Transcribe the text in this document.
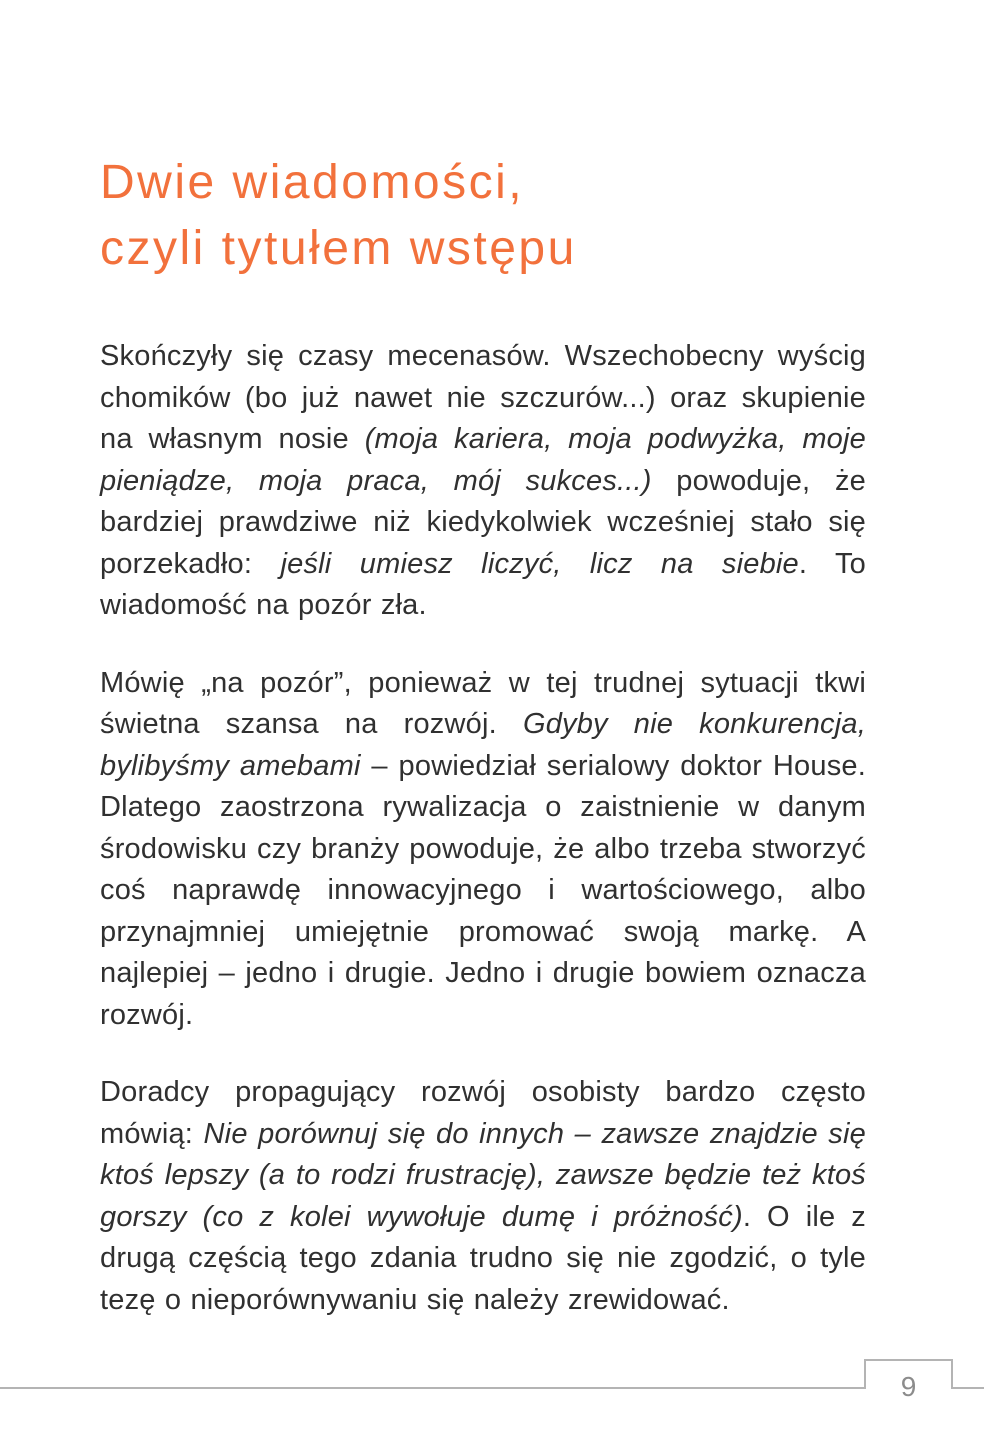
Dwie wiadomości,
czyli tytułem wstępu

Skończyły się czasy mecenasów. Wszechobecny wyścig chomików (bo już nawet nie szczurów...) oraz skupienie na własnym nosie (moja kariera, moja podwyżka, moje pieniądze, moja praca, mój sukces...) powoduje, że bardziej prawdziwe niż kiedykolwiek wcześniej stało się porzekadło: jeśli umiesz liczyć, licz na siebie. To wiadomość na pozór zła.

Mówię „na pozór”, ponieważ w tej trudnej sytuacji tkwi świetna szansa na rozwój. Gdyby nie konkurencja, bylibyśmy amebami – powiedział serialowy doktor House. Dlatego zaostrzona rywalizacja o zaistnienie w danym środowisku czy branży powoduje, że albo trzeba stworzyć coś naprawdę innowacyjnego i wartościowego, albo przynajmniej umiejętnie promować swoją markę. A najlepiej – jedno i drugie. Jedno i drugie bowiem oznacza rozwój.

Doradcy propagujący rozwój osobisty bardzo często mówią: Nie porównuj się do innych – zawsze znajdzie się ktoś lepszy (a to rodzi frustrację), zawsze będzie też ktoś gorszy (co z kolei wywołuje dumę i próżność). O ile z drugą częścią tego zdania trudno się nie zgodzić, o tyle tezę o nieporównywaniu się należy zrewidować.

9
